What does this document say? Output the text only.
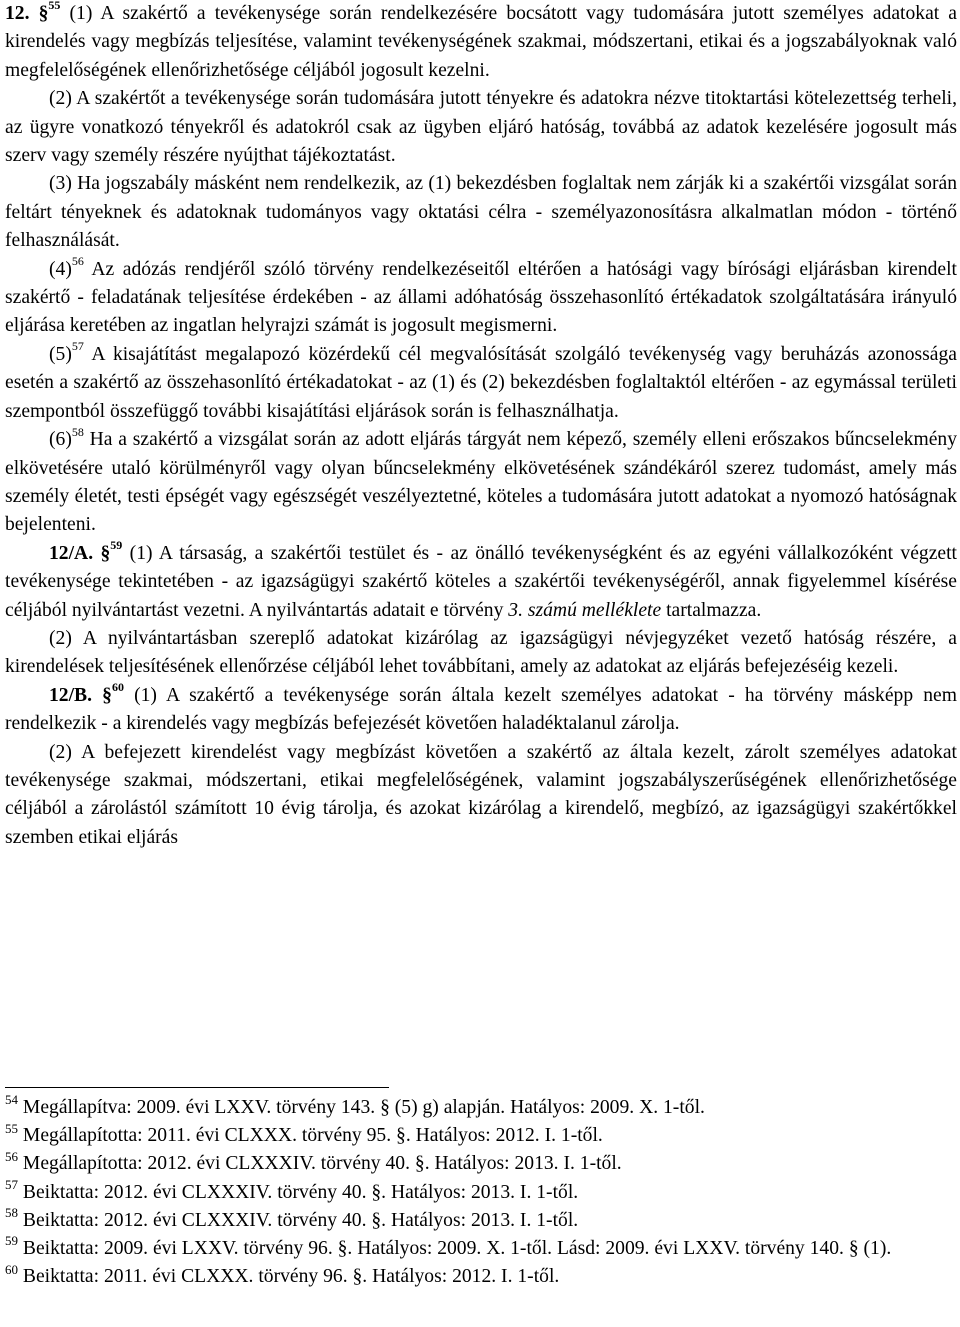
12. §$^{55}$ (1) A szakértő a tevékenysége során rendelkezésére bocsátott vagy tudomására jutott személyes adatokat a kirendelés vagy megbízás teljesítése, valamint tevékenységének szakmai, módszertani, etikai és a jogszabályoknak való megfelelőségének ellenőrizhetősége céljából jogosult kezelni.

(2) A szakértőt a tevékenysége során tudomására jutott tényekre és adatokra nézve titoktartási kötelezettség terheli, az ügyre vonatkozó tényekről és adatokról csak az ügyben eljáró hatóság, továbbá az adatok kezelésére jogosult más szerv vagy személy részére nyújthat tájékoztatást.

(3) Ha jogszabály másként nem rendelkezik, az (1) bekezdésben foglaltak nem zárják ki a szakértői vizsgálat során feltárt tényeknek és adatoknak tudományos vagy oktatási célra - személyazonosításra alkalmatlan módon - történő felhasználását.

$(4)^{56}$ Az adózás rendjéről szóló törvény rendelkezéseitől eltérően a hatósági vagy bírósági eljárásban kirendelt szakértő - feladatának teljesítése érdekében - az állami adóhatóság összehasonlító értékadatok szolgáltatására irányuló eljárása keretében az ingatlan helyrajzi számát is jogosult megismerni.

$(5)^{57}$ A kisajátítást megalapozó közérdekű cél megvalósítását szolgáló tevékenység vagy beruházás azonossága esetén a szakértő az összehasonlító értékadatokat - az (1) és (2) bekezdésben foglaltaktól eltérően - az egymással területi szempontból összefüggő további kisajátítási eljárások során is felhasználhatja.

$(6)^{58}$ Ha a szakértő a vizsgálat során az adott eljárás tárgyát nem képező, személy elleni erőszakos bűncselekmény elkövetésére utaló körülményről vagy olyan bűncselekmény elkövetésének szándékáról szerez tudomást, amely más személy életét, testi épségét vagy egészségét veszélyeztetné, köteles a tudomására jutott adatokat a nyomozó hatóságnak bejelenteni.

12/A. §$^{59}$ (1) A társaság, a szakértői testület és - az önálló tevékenységként és az egyéni vállalkozóként végzett tevékenysége tekintetében - az igazságügyi szakértő köteles a szakértői tevékenységéről, annak figyelemmel kísérése céljából nyilvántartást vezetni. A nyilvántartás adatait e törvény 3. számú melléklete tartalmazza.

(2) A nyilvántartásban szereplő adatokat kizárólag az igazságügyi névjegyzéket vezető hatóság részére, a kirendelések teljesítésének ellenőrzése céljából lehet továbbítani, amely az adatokat az eljárás befejezéséig kezeli.

12/B. §$^{60}$ (1) A szakértő a tevékenysége során általa kezelt személyes adatokat - ha törvény másképp nem rendelkezik - a kirendelés vagy megbízás befejezését követően haladéktalanul zárolja.

(2) A befejezett kirendelést vagy megbízást követően a szakértő az általa kezelt, zárolt személyes adatokat tevékenysége szakmai, módszertani, etikai megfelelőségének, valamint jogszabályszerűségének ellenőrizhetősége céljából a zárolástól számított 10 évig tárolja, és azokat kizárólag a kirendelő, megbízó, az igazságügyi szakértőkkel szemben etikai eljárás

$^{54}$ Megállapítva: 2009. évi LXXV. törvény 143. § (5) g) alapján. Hatályos: 2009. X. 1-től.

$^{55}$ Megállapította: 2011. évi CLXXX. törvény 95. §. Hatályos: 2012. I. 1-től.

$^{56}$ Megállapította: 2012. évi CLXXXIV. törvény 40. §. Hatályos: 2013. I. 1-től.

$^{57}$ Beiktatta: 2012. évi CLXXXIV. törvény 40. §. Hatályos: 2013. I. 1-től.

$^{58}$ Beiktatta: 2012. évi CLXXXIV. törvény 40. §. Hatályos: 2013. I. 1-től.

$^{59}$ Beiktatta: 2009. évi LXXV. törvény 96. §. Hatályos: 2009. X. 1-től. Lásd: 2009. évi LXXV. törvény 140. § (1).

$^{60}$ Beiktatta: 2011. évi CLXXX. törvény 96. §. Hatályos: 2012. I. 1-től.
